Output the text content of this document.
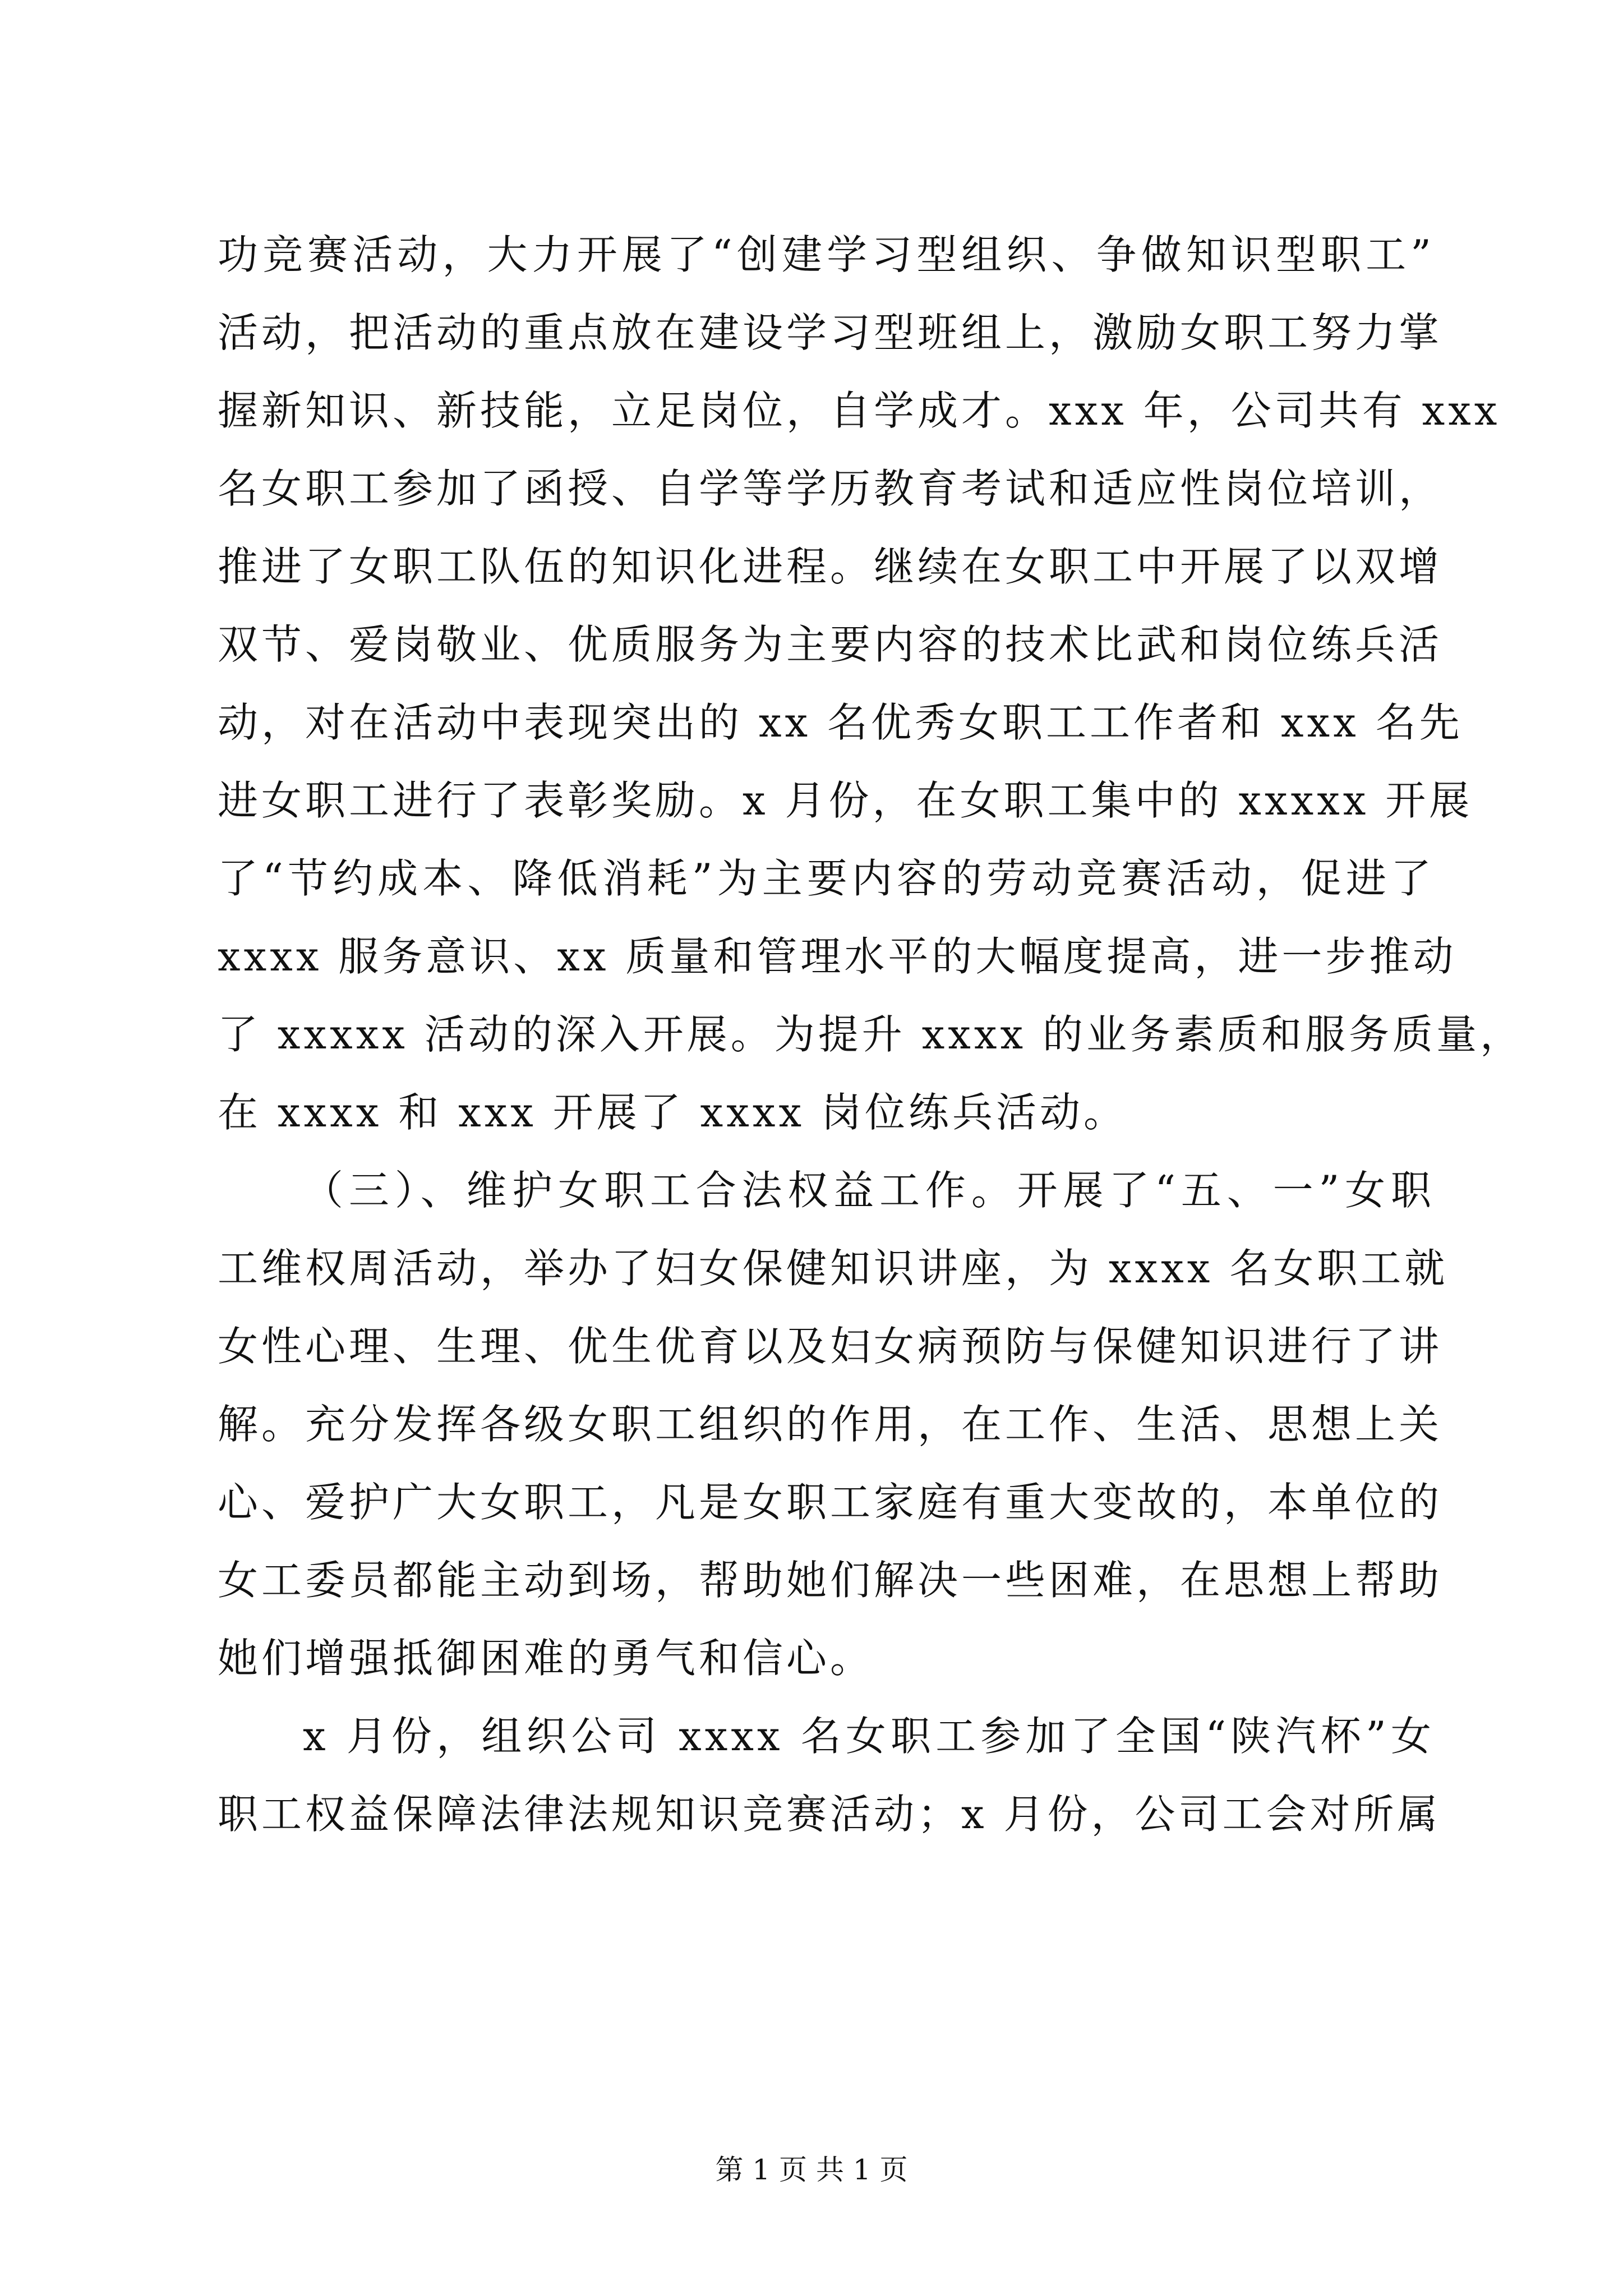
功竞赛活动，大力开展了“创建学习型组织、争做知识型职工”
活动，把活动的重点放在建设学习型班组上，激励女职工努力掌
握新知识、新技能，立足岗位，自学成才。xxx 年，公司共有 xxx
名女职工参加了函授、自学等学历教育考试和适应性岗位培训，
推进了女职工队伍的知识化进程。继续在女职工中开展了以双增
双节、爱岗敬业、优质服务为主要内容的技术比武和岗位练兵活
动，对在活动中表现突出的 xx 名优秀女职工工作者和 xxx 名先
进女职工进行了表彰奖励。x 月份，在女职工集中的 xxxxx 开展
了“节约成本、降低消耗”为主要内容的劳动竞赛活动，促进了
xxxx 服务意识、xx 质量和管理水平的大幅度提高，进一步推动
了 xxxxx 活动的深入开展。为提升 xxxx 的业务素质和服务质量，
在 xxxx 和 xxx 开展了 xxxx 岗位练兵活动。
（三）、维护女职工合法权益工作。开展了“五、一”女职
工维权周活动，举办了妇女保健知识讲座，为 xxxx 名女职工就
女性心理、生理、优生优育以及妇女病预防与保健知识进行了讲
解。充分发挥各级女职工组织的作用，在工作、生活、思想上关
心、爱护广大女职工，凡是女职工家庭有重大变故的，本单位的
女工委员都能主动到场，帮助她们解决一些困难，在思想上帮助
她们增强抵御困难的勇气和信心。
x 月份，组织公司 xxxx 名女职工参加了全国“陕汽杯”女
职工权益保障法律法规知识竞赛活动；x 月份，公司工会对所属
第 1 页 共 1 页
